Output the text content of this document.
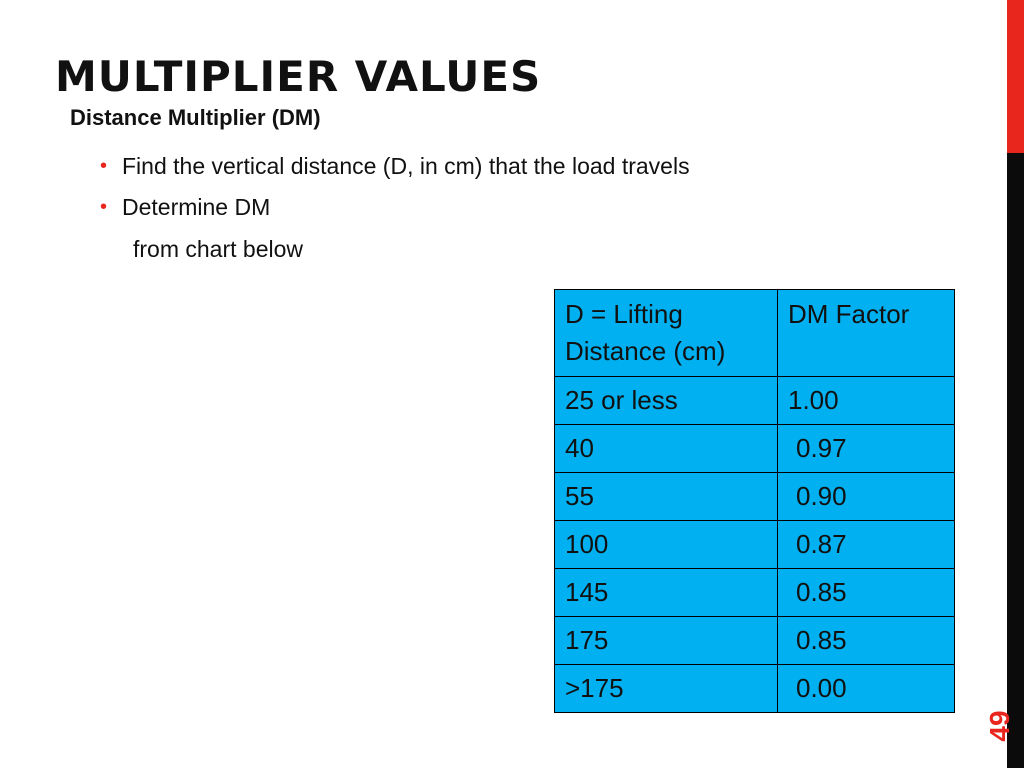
MULTIPLIER VALUES
Distance Multiplier (DM)
• Find the vertical distance (D, in cm) that the load travels
• Determine DM
from chart below
D = Lifting Distance (cm)	DM Factor
25 or less	1.00
40	0.97
55	0.90
100	0.87
145	0.85
175	0.85
>175	0.00
49
